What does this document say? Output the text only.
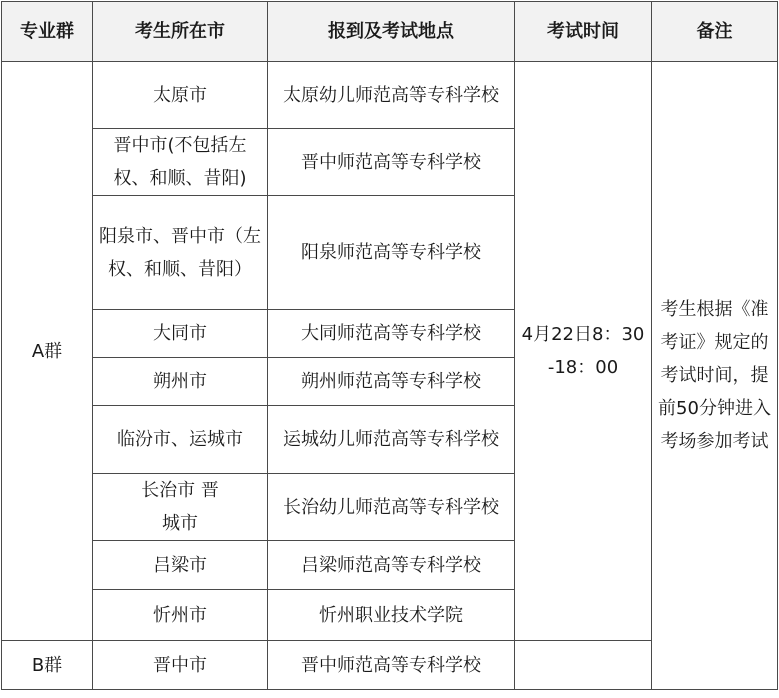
专业群	考生所在市	报到及考试地点	考试时间	备注
A群	太原市	太原幼儿师范高等专科学校	4月22日8：30-18：00	考生根据《准考证》规定的考试时间，提前50分钟进入考场参加考试

	晋中市(不包括左权、和顺、昔阳)	晋中师范高等专科学校		

	阳泉市、晋中市（左权、和顺、昔阳）	阳泉师范高等专科学校		
	大同市	大同师范高等专科学校		
	朔州市	朔州师范高等专科学校		
	临汾市、运城市	运城幼儿师范高等专科学校		

	长治市 晋城市	长治幼儿师范高等专科学校		

	吕梁市	吕梁师范高等专科学校		
	忻州市	忻州职业技术学院		
B群	晋中市	晋中师范高等专科学校		
